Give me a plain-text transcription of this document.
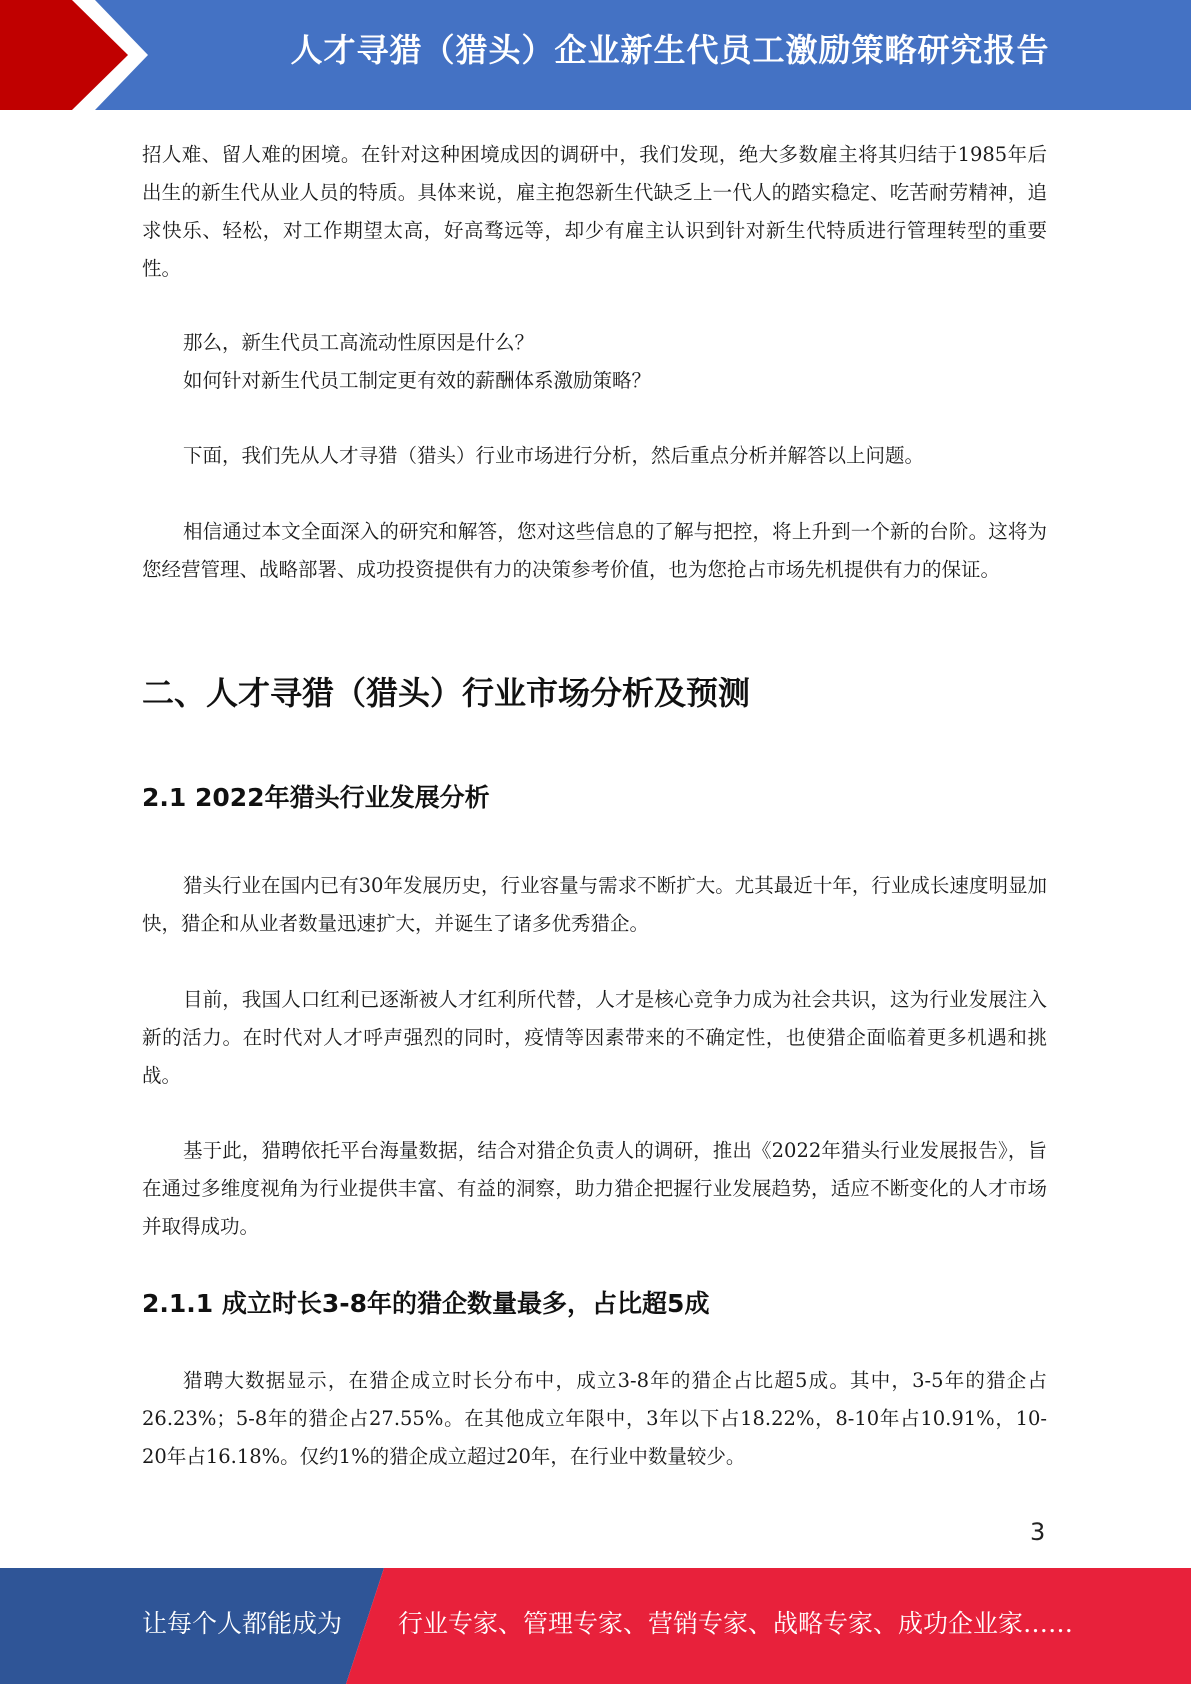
人才寻猎（猎头）企业新生代员工激励策略研究报告

招人难、留人难的困境。在针对这种困境成因的调研中，我们发现，绝大多数雇主将其归结于1985年后出生的新生代从业人员的特质。具体来说，雇主抱怨新生代缺乏上一代人的踏实稳定、吃苦耐劳精神，追求快乐、轻松，对工作期望太高，好高骛远等，却少有雇主认识到针对新生代特质进行管理转型的重要性。

那么，新生代员工高流动性原因是什么？
如何针对新生代员工制定更有效的薪酬体系激励策略？

下面，我们先从人才寻猎（猎头）行业市场进行分析，然后重点分析并解答以上问题。

相信通过本文全面深入的研究和解答，您对这些信息的了解与把控，将上升到一个新的台阶。这将为您经营管理、战略部署、成功投资提供有力的决策参考价值，也为您抢占市场先机提供有力的保证。

二、人才寻猎（猎头）行业市场分析及预测
2.1 2022年猎头行业发展分析

猎头行业在国内已有30年发展历史，行业容量与需求不断扩大。尤其最近十年，行业成长速度明显加快，猎企和从业者数量迅速扩大，并诞生了诸多优秀猎企。

目前，我国人口红利已逐渐被人才红利所代替，人才是核心竞争力成为社会共识，这为行业发展注入新的活力。在时代对人才呼声强烈的同时，疫情等因素带来的不确定性，也使猎企面临着更多机遇和挑战。

基于此，猎聘依托平台海量数据，结合对猎企负责人的调研，推出《2022年猎头行业发展报告》，旨在通过多维度视角为行业提供丰富、有益的洞察，助力猎企把握行业发展趋势，适应不断变化的人才市场并取得成功。

2.1.1 成立时长3-8年的猎企数量最多，占比超5成

猎聘大数据显示，在猎企成立时长分布中，成立3-8年的猎企占比超5成。其中，3-5年的猎企占26.23%；5-8年的猎企占27.55%。在其他成立年限中，3年以下占18.22%，8-10年占10.91%，10-20年占16.18%。仅约1%的猎企成立超过20年，在行业中数量较少。

3
让每个人都能成为 行业专家、管理专家、营销专家、战略专家、成功企业家……
